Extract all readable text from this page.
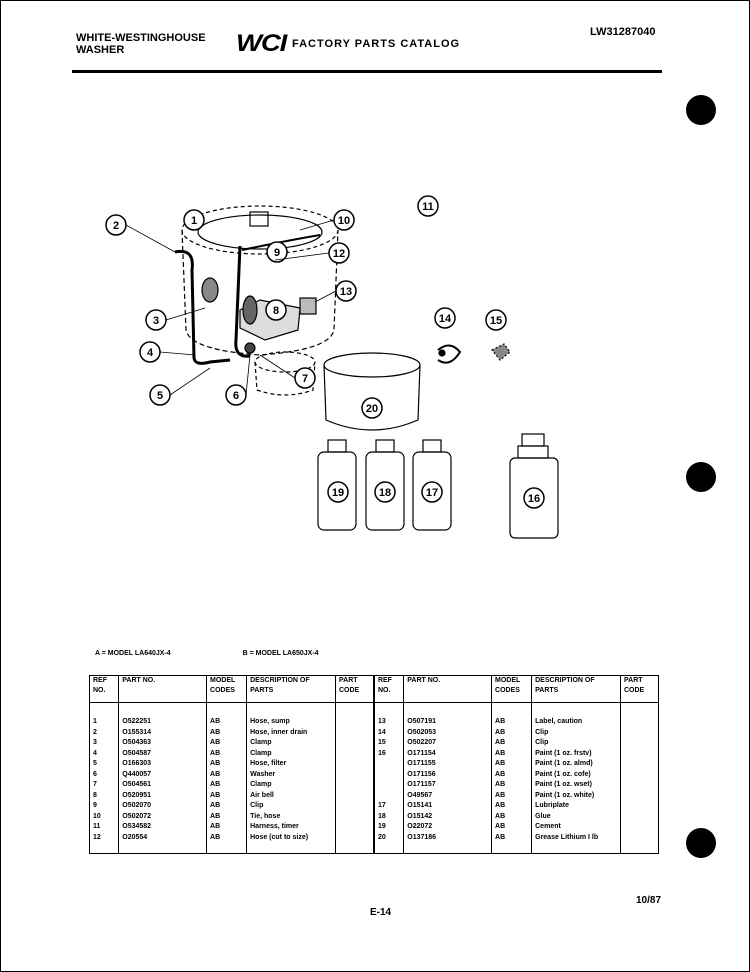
WHITE-WESTINGHOUSE
WASHER	WCI FACTORY PARTS CATALOG
LW31287040
2	1
3
4
5	6
7
9
8
10
11
12
13
14	15
20
19	18	17	16
A = MODEL LA640JX-4	B = MODEL LA650JX-4
REF NO.	PART NO.	MODEL CODES	DESCRIPTION OF PARTS	PART CODE	REF NO.	PART NO.	MODEL CODES	DESCRIPTION OF PARTS	PART CODE
1	O522251	AB	Hose, sump		13	O507191	AB	Label, caution	
2	O155314	AB	Hose, inner drain		14	O502053	AB	Clip	
3	O504363	AB	Clamp		15	O502207	AB	Clip	
4	O504587	AB	Clamp		16	O171154	AB	Paint (1 oz. frstv)	
5	O166303	AB	Hose, filter			O171155	AB	Paint (1 oz. almd)	
6	Q440057	AB	Washer			O171156	AB	Paint (1 oz. cofe)	
7	O504561	AB	Clamp			O171157	AB	Paint (1 oz. wset)	
8	O520951	AB	Air bell			O49567	AB	Paint (1 oz. white)	
9	O502070	AB	Clip		17	O15141	AB	Lubriplate	
10	O502072	AB	Tie, hose		18	O15142	AB	Glue	
11	O534582	AB	Harness, timer		19	O22072	AB	Cement	
12	O20554	AB	Hose (cut to size)		20	O137186	AB	Grease Lithium I lb	
E-14
10/87
